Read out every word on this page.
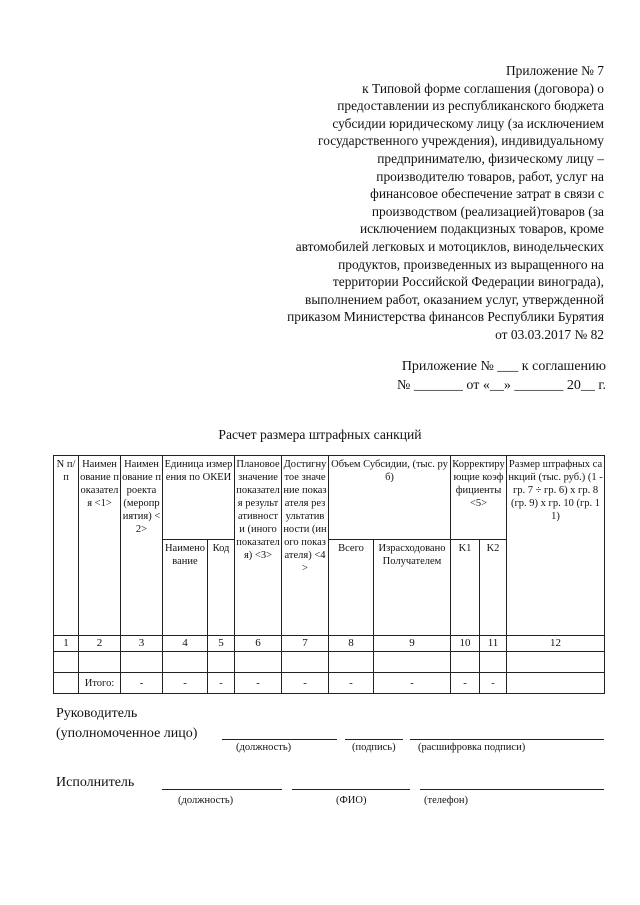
Приложение № 7
к Типовой форме соглашения (договора) о
предоставлении из республиканского бюджета
субсидии юридическому лицу (за исключением
государственного учреждения), индивидуальному
предпринимателю, физическому лицу –
производителю товаров, работ, услуг на
финансовое обеспечение затрат в связи с
производством (реализацией)товаров (за
исключением подакцизных товаров, кроме
автомобилей легковых и мотоциклов, винодельческих
продуктов, произведенных из выращенного на
территории Российской Федерации винограда),
выполнением работ, оказанием услуг, утвержденной
приказом Министерства финансов Республики Бурятия
от 03.03.2017 № 82
Приложение № ___ к соглашению
№ _______ от «__» _______ 20__ г.
Расчет размера штрафных санкций
N п/п	Наименование показателя <1>	Наименование проекта (мероприятия) <2>	Единица измерения по ОКЕИ		Плановое значение показателя результативности (иного показателя) <3>	Достигнутое значение показателя результативности (иного показателя) <4>	Объем Субсидии, (тыс. руб)		Корректирующие коэффициенты <5>		Размер штрафных санкций (тыс. руб.) (1 - гр. 7 ÷ гр. 6) x гр. 8 (гр. 9) x гр. 10 (гр. 11)
			Наименование	Код			Всего	Израсходовано Получателем	K1	K2	
1	2	3	4	5	6	7	8	9	10	11	12

	Итого:	-	-	-	-	-	-	-	-	-	
Руководитель
(уполномоченное лицо)
(должность)	(подпись) (расшифровка подписи)
Исполнитель
(должность)	(ФИО)	(телефон)
